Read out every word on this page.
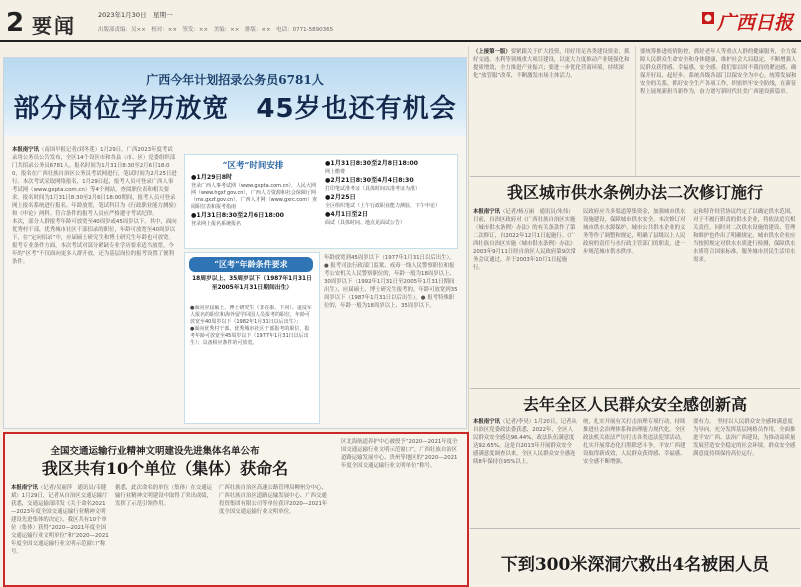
2 要闻	2023年1月30日　星期一
出版部责编：吴××　校对：××　签发：××　美编：××　排版：××　电话：0771-5890365	广西日报
广西今年计划招录公务员6781人
部分岗位学历放宽　45岁也还有机会
本报南宁讯（南国早报记者/刘冬莲）1月29日，广西2023年度考试录用公务员公告发布，全区14个设区市和各县（市、区）党委组织部门共招录公务员6781人。报名时间为1月31日8:30至2月6日18:00，报名在广西壮族自治区公务员考试网进行，笔试时间为2月25日进行。本次考试采取网络报名，1月29日起，报考人员可登录广西人事考试网（www.gxpta.com.cn）等4个网站，查阅职位表和相关要求。报名时间为1月31日8:30至2月6日18:00期间，报考人员可登录网上报名系统进行报名。年龄放宽，笔试科目为《行政职业能力测验》和《申论》两科。符合条件的报考人员应严格遵守考试纪律。
本次，部分人群报考年龄可放宽至40周岁或45周岁以下。其中，面向优秀村干部，优秀城市社区干部招录的职位，年龄可放宽至40周岁以下，在“定向招录”中，应届硕士研究生和博士研究生年龄也可放宽。报考专业条件方面，本次考试对部分紧缺专业学历要求适当放宽。今年的“区考”不仅面向更多人群开放，还为基层岗位的报考设置了便利条件。
“区考”时间安排
●1月29日8时
登录广西人事考试网（www.gxpta.com.cn），人民大网网（www.hgxf gov.cn），广西人力资源和社会保障厅网（ms.gxzf.gov.cn），广西人才网（www.gxrc.com）查阅职位表和报考指南
●1月31日8:30至2月6日18:00
登录网上报名系统报名
●1月31日8:30至2月8日18:00
网上缴费
●2月21日8:30至4月4日8:30
打印笔试准考证（具体时间以准考证为准）
●2月25日
全区组织笔试（上午行政职业能力测验，下午申论）
●4月1日至2日
面试（具体时间、地点见面试公告）
“区考”年龄条件要求
18周岁以上、35周岁以下（1987年1月31日至2005年1月31日期间出生）
●面向应届硕士、博士研究生（非在职、下同）、退役军人报名的职位和海外留学回国人员报考的职位，年龄可放宽至40周岁以下（1982年1月31日以后出生）；
●面向优秀村干部、优秀城市社区干部报考的职位，报考年龄可放宽至45周岁以下（1977年1月31日以后出生）；具备相应条件的可放宽。
年龄放宽到45周岁以下（1977年1月31日以后出生）。● 报考司法行政部门监狱、戒毒一线人民警察职位和报考公安机关人民警察职位的，年龄一般为18周岁以上、30周岁以下（1992年1月31日至2005年1月31日期间出生），应届硕士、博士研究生报考的，年龄可放宽到35周岁以下（1987年1月31日以后出生）。● 报考特殊职位的，年龄一般为18周岁以上、35周岁以下。
（上接第一版）要紧跟关于扩大投资，用好用足各类建设资金，抓好交通、水利等领域重大项目建设，以更大力度推动产业链强化和提质增效，全力推进产业振兴；要进一步优化营商环境，持续深化“放管服”改革，不断激发市场主体活力。
要统筹推进疫情防控，抓好老年人等重点人群的健康服务，全力保障人民群众生命安全和身体健康，维护社会大局稳定，不断增强人民群众获得感、幸福感、安全感。我们要以时不我待的紧迫感，确保开好局、起好步。系统各级各部门以保安全为中心，统筹发展和安全的关系，抓好安全生产各项工作，织密织牢安全防线，在新征程上展现新担当新作为，奋力谱写新时代壮美广西建设新篇章。
我区城市供水条例办法二次修订施行
本报南宁讯（记者/杨万丽　通讯员/朱伟）日前，自治区政府对《广西壮族自治区实施〈城市供水条例〉办法》的有关条款作了第二次修订，自2022年12月1日起施行。《广西壮族自治区实施〈城市供水条例〉办法》2003年9月11日经自治区人民政府第9次常务会议通过，并于2003年10月1日起施行。
民政府应当多渠道筹集资金，加强城市供水设施建设，保障城市供水安全。本次修订对城市供水水源保护、城市公共供水企业的义务等作了调整和规定，明确了县级以上人民政府的责任与水行政主管部门的职责，进一步规范城市供水秩序。
定和特许经营协议约定了以确定供水范围，对于不履行职责的供水企业，将依法追究相关责任。同时对二次供水设施的建设、管理和维护也作出了明确规定，城市供水企业应当按照规定对供水水质进行检测，保障供水水质符合国家标准，服务城市居民生活用水需求。
去年全区人民群众安全感创新高
本报南宁讯（记者/李昊）1月20日，记者从自治区党委政法委获悉，2022年，全区人民群众安全感达96.44%，政法队伍满意度达92.65%。这是自2013年开展群众安全感满意度调查以来，全区人民群众安全感连续8年保持在95%以上。
统，扎实开展有关打击治理专项行动，持续推进社会治理体系和治理能力现代化。全区政法机关依法严厉打击各类违法犯罪活动，扎实开展常态化扫黑除恶斗争，平安广西建设取得新成效，人民群众获得感、幸福感、安全感不断增强。
要有力。　坚持以人民群众安全感和满意度为导向，充分发挥基层网格员作用，全面推进平安广西、法治广西建设，为推动高质量发展营造安全稳定的社会环境，群众安全感满意度持续保持高位运行。
下到300米深洞穴救出4名被困人员
全国交通运输行业精神文明建设先进集体名单公布
我区共有10个单位（集体）获命名
本报南宁讯（记者/吴丽萍　通讯员/韦健斌）1月29日，记者从自治区交通运输厅获悉，交通运输部印发《关于命名2021—2023年度全国交通运输行业精神文明建设先进集体的决定》，我区共有10个单位（集体）获得“2020—2021年度全国交通运输行业文明单位”和“2020—2021年度全国交通运输行业文明示范窗口”称号。
据悉，此次命名的单位（集体）在交通运输行业精神文明建设中取得了突出成绩，发挥了示范引领作用。
广西壮族自治区高速公路管理局柳州分中心、广西壮族自治区道路运输发展中心、广西交通投资集团有限公司等单位获评2020—2021年度全国交通运输行业文明单位。
区北海航道养护中心被授予“2020—2021年度全国交通运输行业文明示范窗口”，广西壮族自治区道路运输发展中心、贵州等地区的“2020—2021年度全国交通运输行业文明单位”称号。
